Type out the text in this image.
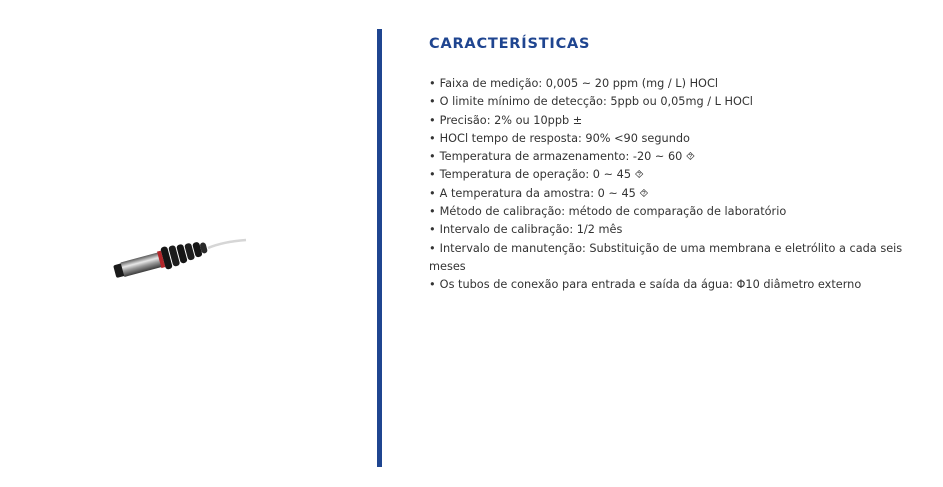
CARACTERÍSTICAS
• Faixa de medição: 0,005 ~ 20 ppm (mg / L) HOCl
• O limite mínimo de detecção: 5ppb ou 0,05mg / L HOCl
• Precisão: 2% ou 10ppb ±
• HOCl tempo de resposta: 90% <90 segundo
• Temperatura de armazenamento: -20 ~ 60 ⯑
• Temperatura de operação: 0 ~ 45 ⯑
• A temperatura da amostra: 0 ~ 45 ⯑
• Método de calibração: método de comparação de laboratório
• Intervalo de calibração: 1/2 mês
• Intervalo de manutenção: Substituição de uma membrana e eletrólito a cada seis meses
• Os tubos de conexão para entrada e saída da água: Φ10 diâmetro externo
